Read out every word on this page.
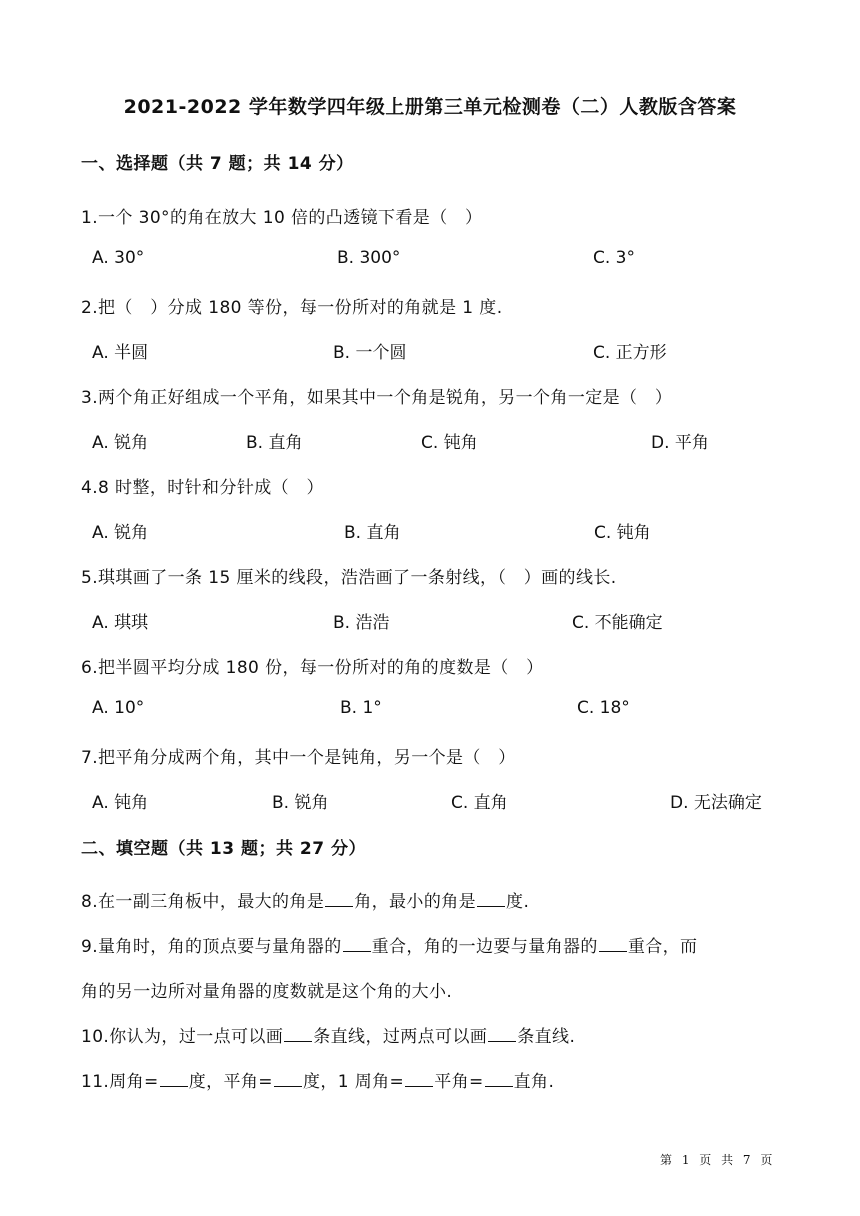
2021-2022 学年数学四年级上册第三单元检测卷（二）人教版含答案
一、选择题（共 7 题；共 14 分）
1.一个 30°的角在放大 10 倍的凸透镜下看是（　）
A. 30°	B. 300°	C. 3°
2.把（　）分成 180 等份，每一份所对的角就是 1 度.
A. 半圆	B. 一个圆	C. 正方形
3.两个角正好组成一个平角，如果其中一个角是锐角，另一个角一定是（　）
A. 锐角	B. 直角	C. 钝角	D. 平角
4.8 时整，时针和分针成（　）
A. 锐角	B. 直角	C. 钝角
5.琪琪画了一条 15 厘米的线段，浩浩画了一条射线，（　）画的线长.
A. 琪琪	B. 浩浩	C. 不能确定
6.把半圆平均分成 180 份，每一份所对的角的度数是（　）
A. 10°	B. 1°	C. 18°
7.把平角分成两个角，其中一个是钝角，另一个是（　）
A. 钝角	B. 锐角	C. 直角	D. 无法确定
二、填空题（共 13 题；共 27 分）
8.在一副三角板中，最大的角是 角，最小的角是 度.
9.量角时，角的顶点要与量角器的 重合，角的一边要与量角器的 重合，而
角的另一边所对量角器的度数就是这个角的大小.
10.你认为，过一点可以画 条直线，过两点可以画 条直线.
11.周角= 度，平角= 度，1 周角= 平角= 直角.
第 1 页 共 7 页
